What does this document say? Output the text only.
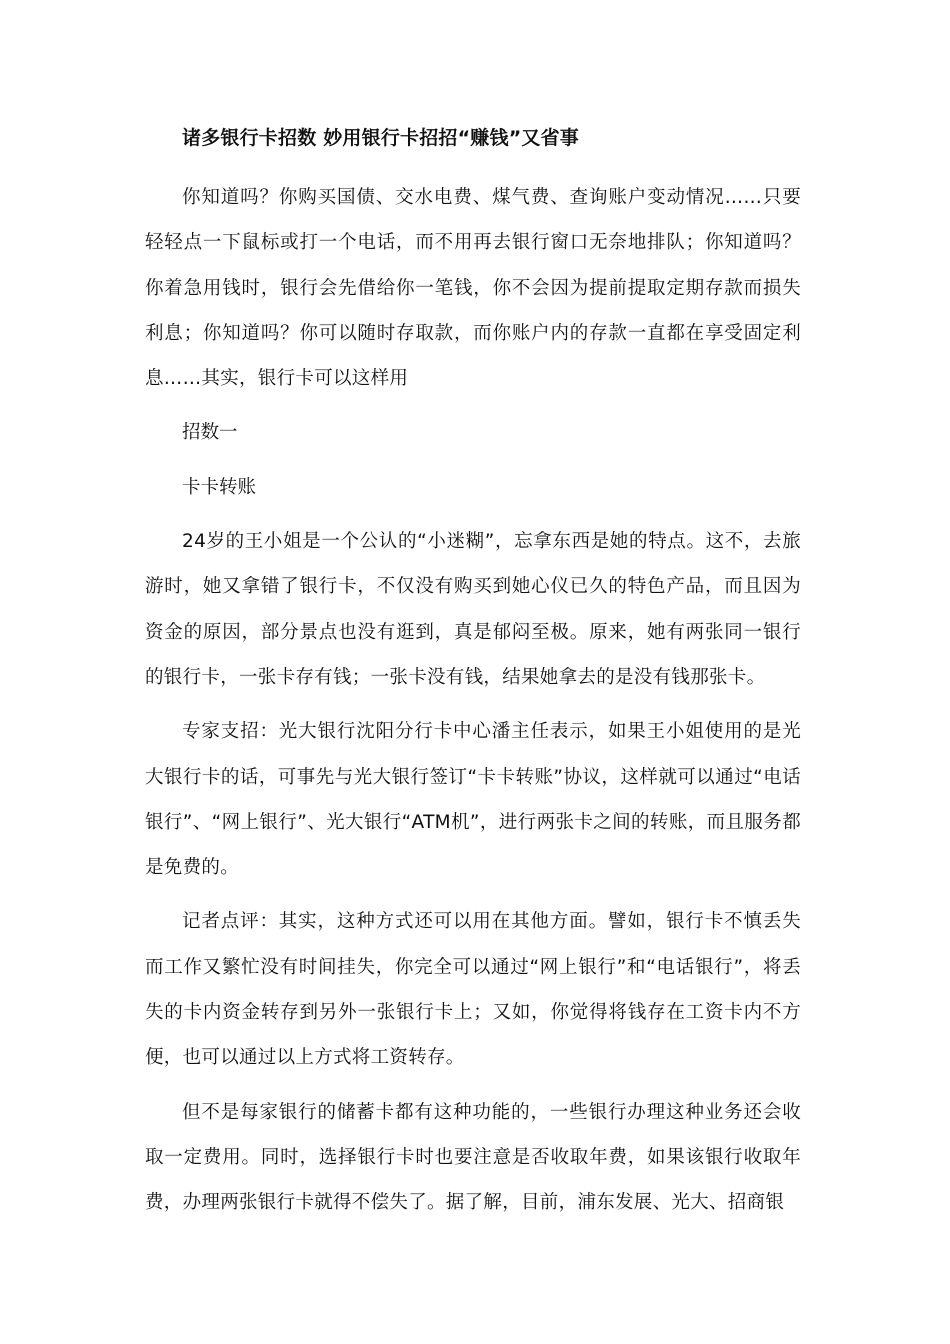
诸多银行卡招数 妙用银行卡招招“赚钱”又省事

你知道吗？你购买国债、交水电费、煤气费、查询账户变动情况……只要轻轻点一下鼠标或打一个电话，而不用再去银行窗口无奈地排队；你知道吗？你着急用钱时，银行会先借给你一笔钱，你不会因为提前提取定期存款而损失利息；你知道吗？你可以随时存取款，而你账户内的存款一直都在享受固定利息……其实，银行卡可以这样用

招数一

卡卡转账

24岁的王小姐是一个公认的“小迷糊”，忘拿东西是她的特点。这不，去旅游时，她又拿错了银行卡，不仅没有购买到她心仪已久的特色产品，而且因为资金的原因，部分景点也没有逛到，真是郁闷至极。原来，她有两张同一银行的银行卡，一张卡存有钱；一张卡没有钱，结果她拿去的是没有钱那张卡。

专家支招：光大银行沈阳分行卡中心潘主任表示，如果王小姐使用的是光大银行卡的话，可事先与光大银行签订“卡卡转账”协议，这样就可以通过“电话银行”、“网上银行”、光大银行“ATM机”，进行两张卡之间的转账，而且服务都是免费的。

记者点评：其实，这种方式还可以用在其他方面。譬如，银行卡不慎丢失而工作又繁忙没有时间挂失，你完全可以通过“网上银行”和“电话银行”，将丢失的卡内资金转存到另外一张银行卡上；又如，你觉得将钱存在工资卡内不方便，也可以通过以上方式将工资转存。

但不是每家银行的储蓄卡都有这种功能的，一些银行办理这种业务还会收取一定费用。同时，选择银行卡时也要注意是否收取年费，如果该银行收取年费，办理两张银行卡就得不偿失了。据了解，目前，浦东发展、光大、招商银
